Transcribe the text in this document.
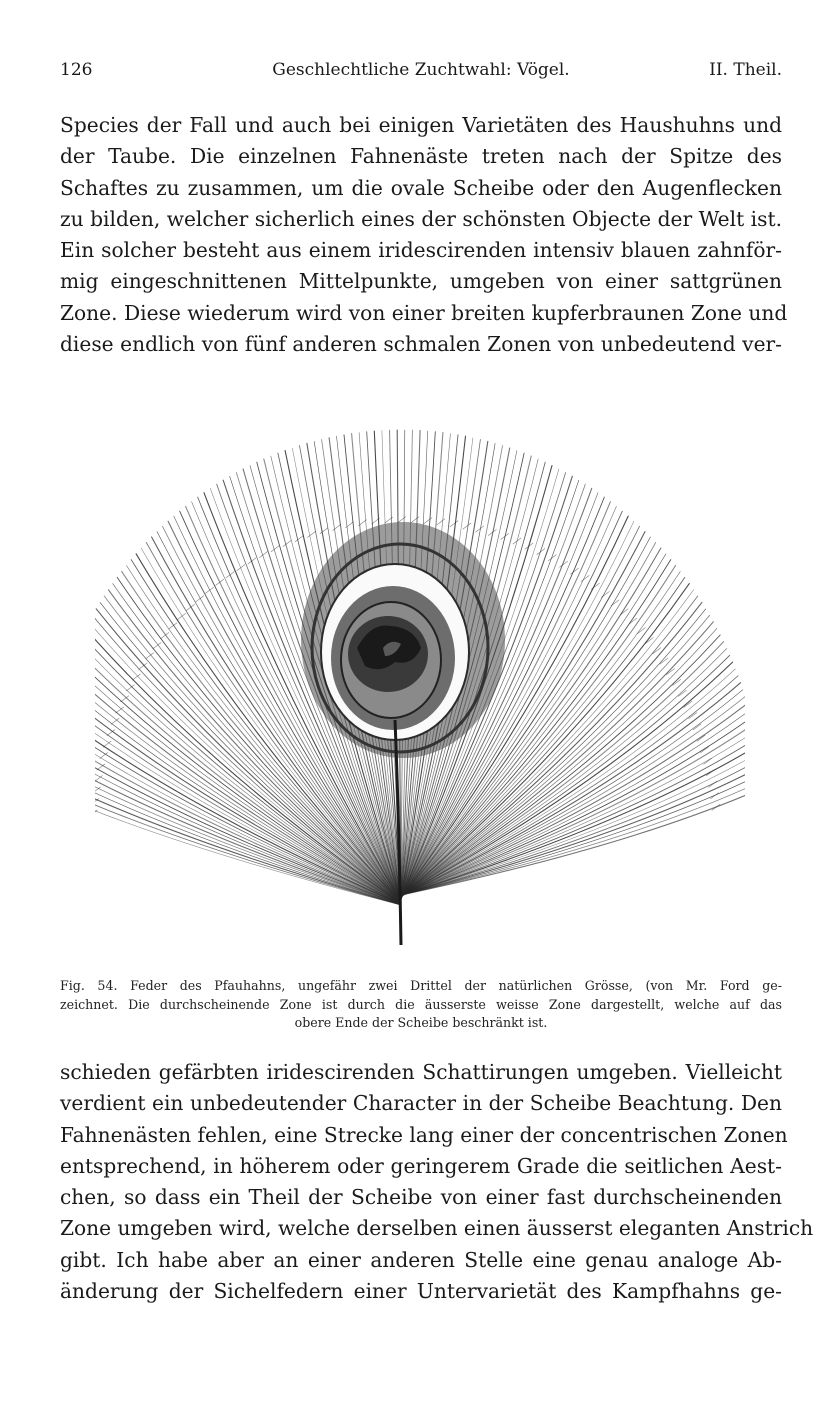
Geschlechtliche Zuchtwahl: Vögel.
126	II. Theil.

Species der Fall und auch bei einigen Varietäten des Haushuhns und
der Taube. Die einzelnen Fahnenäste treten nach der Spitze des
Schaftes zu zusammen, um die ovale Scheibe oder den Augenflecken
zu bilden, welcher sicherlich eines der schönsten Objecte der Welt ist.
Ein solcher besteht aus einem iridescirenden intensiv blauen zahnför-
mig eingeschnittenen Mittelpunkte, umgeben von einer sattgrünen
Zone. Diese wiederum wird von einer breiten kupferbraunen Zone und
diese endlich von fünf anderen schmalen Zonen von unbedeutend ver-

Fig. 54. Feder des Pfauhahns, ungefähr zwei Drittel der natürlichen Grösse, (von Mr. Ford ge-
zeichnet. Die durchscheinende Zone ist durch die äusserste weisse Zone dargestellt, welche auf das
obere Ende der Scheibe beschränkt ist.

schieden gefärbten iridescirenden Schattirungen umgeben. Vielleicht
verdient ein unbedeutender Character in der Scheibe Beachtung. Den
Fahnenästen fehlen, eine Strecke lang einer der concentrischen Zonen
entsprechend, in höherem oder geringerem Grade die seitlichen Aest-
chen, so dass ein Theil der Scheibe von einer fast durchscheinenden
Zone umgeben wird, welche derselben einen äusserst eleganten Anstrich
gibt. Ich habe aber an einer anderen Stelle eine genau analoge Ab-
änderung der Sichelfedern einer Untervarietät des Kampfhahns ge-
